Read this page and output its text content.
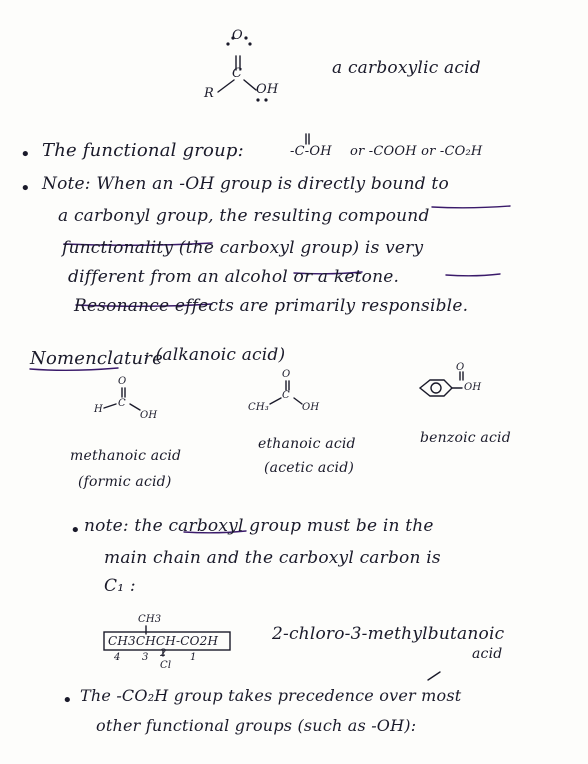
O
C
R	OH
a carboxylic acid
• The functional group:	-C-OH or -COOH or -CO₂H
• Note: When an -OH group is directly bound to
a carbonyl group, the resulting compound
functionality (the carboxyl group) is very
different from an alcohol or a ketone.
Resonance effects are primarily responsible.
Nomenclature
: (alkanoic acid)
O
H
C
OH
methanoic acid
(formic acid)
O
CH₃
C
OH
ethanoic acid
(acetic acid)
O
OH
benzoic acid
• note: the carboxyl group must be in the
main chain and the carboxyl carbon is
C₁ :
CH3
CH3CHCH-CO2H
4 3 2 1
Cl
2-chloro-3-methylbutanoic
acid
• The -CO₂H group takes precedence over most
other functional groups (such as -OH):
